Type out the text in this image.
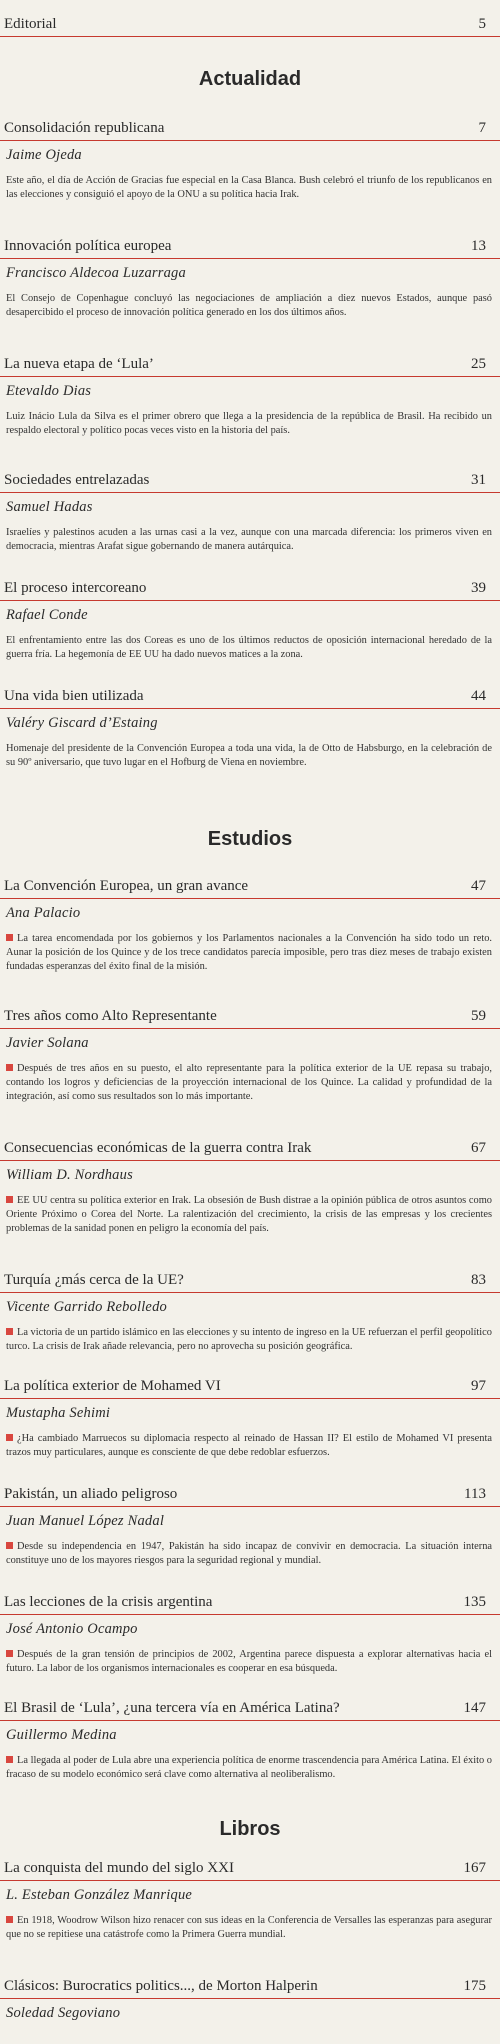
Editorial	5
Actualidad
Consolidación republicana	7
Jaime Ojeda
Este año, el día de Acción de Gracias fue especial en la Casa Blanca. Bush celebró el triunfo de los republicanos en las elecciones y consiguió el apoyo de la ONU a su política hacia Irak.
Innovación política europea	13
Francisco Aldecoa Luzarraga
El Consejo de Copenhague concluyó las negociaciones de ampliación a diez nuevos Estados, aunque pasó desapercibido el proceso de innovación política generado en los dos últimos años.
La nueva etapa de ‘Lula’	25
Etevaldo Dias
Luiz Inácio Lula da Silva es el primer obrero que llega a la presidencia de la república de Brasil. Ha recibido un respaldo electoral y político pocas veces visto en la historia del país.
Sociedades entrelazadas	31
Samuel Hadas
Israelíes y palestinos acuden a las urnas casi a la vez, aunque con una marcada diferencia: los primeros viven en democracia, mientras Arafat sigue gobernando de manera autárquica.
El proceso intercoreano	39
Rafael Conde
El enfrentamiento entre las dos Coreas es uno de los últimos reductos de oposición internacional heredado de la guerra fría. La hegemonía de EE UU ha dado nuevos matices a la zona.
Una vida bien utilizada	44
Valéry Giscard d’Estaing
Homenaje del presidente de la Convención Europea a toda una vida, la de Otto de Habsburgo, en la celebración de su 90º aniversario, que tuvo lugar en el Hofburg de Viena en noviembre.
Estudios
La Convención Europea, un gran avance	47
Ana Palacio
La tarea encomendada por los gobiernos y los Parlamentos nacionales a la Convención ha sido todo un reto. Aunar la posición de los Quince y de los trece candidatos parecía imposible, pero tras diez meses de trabajo existen fundadas esperanzas del éxito final de la misión.
Tres años como Alto Representante	59
Javier Solana
Después de tres años en su puesto, el alto representante para la política exterior de la UE repasa su trabajo, contando los logros y deficiencias de la proyección internacional de los Quince. La calidad y profundidad de la integración, así como sus resultados son lo más importante.
Consecuencias económicas de la guerra contra Irak	67
William D. Nordhaus
EE UU centra su política exterior en Irak. La obsesión de Bush distrae a la opinión pública de otros asuntos como Oriente Próximo o Corea del Norte. La ralentización del crecimiento, la crisis de las empresas y los crecientes problemas de la sanidad ponen en peligro la economía del país.
Turquía ¿más cerca de la UE?	83
Vicente Garrido Rebolledo
La victoria de un partido islámico en las elecciones y su intento de ingreso en la UE refuerzan el perfil geopolítico turco. La crisis de Irak añade relevancia, pero no aprovecha su posición geográfica.
La política exterior de Mohamed VI	97
Mustapha Sehimi
¿Ha cambiado Marruecos su diplomacia respecto al reinado de Hassan II? El estilo de Mohamed VI presenta trazos muy particulares, aunque es consciente de que debe redoblar esfuerzos.
Pakistán, un aliado peligroso	113
Juan Manuel López Nadal
Desde su independencia en 1947, Pakistán ha sido incapaz de convivir en democracia. La situación interna constituye uno de los mayores riesgos para la seguridad regional y mundial.
Las lecciones de la crisis argentina	135
José Antonio Ocampo
Después de la gran tensión de principios de 2002, Argentina parece dispuesta a explorar alternativas hacia el futuro. La labor de los organismos internacionales es cooperar en esa búsqueda.
El Brasil de ‘Lula’, ¿una tercera vía en América Latina?	147
Guillermo Medina
La llegada al poder de Lula abre una experiencia política de enorme trascendencia para América Latina. El éxito o fracaso de su modelo económico será clave como alternativa al neoliberalismo.
Libros
La conquista del mundo del siglo XXI	167
L. Esteban González Manrique
En 1918, Woodrow Wilson hizo renacer con sus ideas en la Conferencia de Versalles las esperanzas para asegurar que no se repitiese una catástrofe como la Primera Guerra mundial.
Clásicos: Burocratics politics..., de Morton Halperin	175
Soledad Segoviano
